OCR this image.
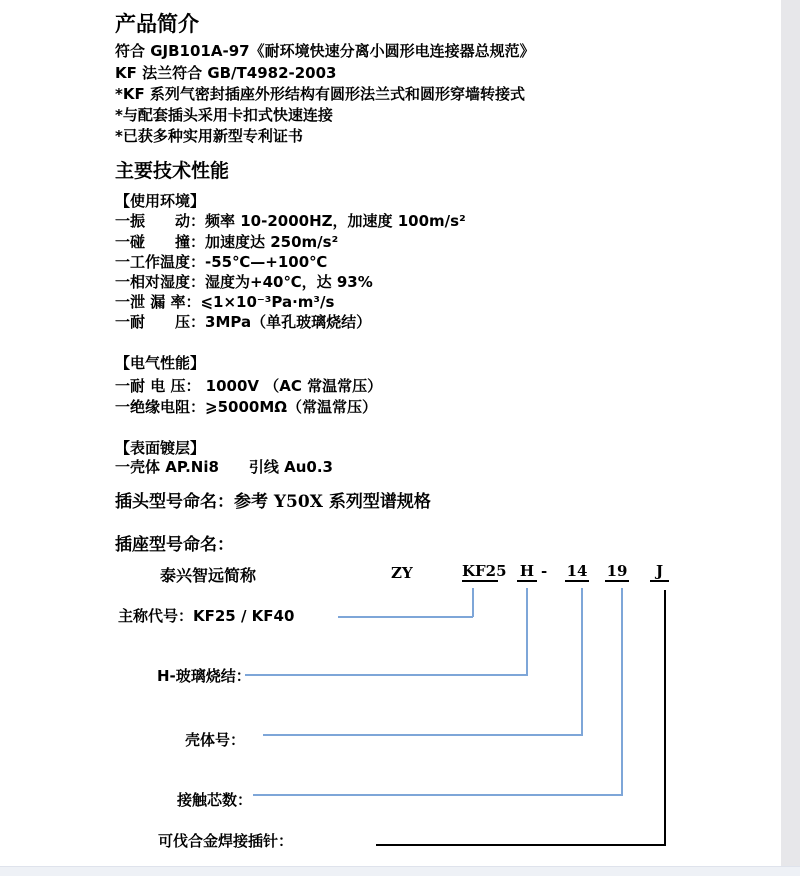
产品简介
符合 GJB101A-97《耐环境快速分离小圆形电连接器总规范》
KF 法兰符合 GB/T4982-2003
*KF 系列气密封插座外形结构有圆形法兰式和圆形穿墙转接式
*与配套插头采用卡扣式快速连接
*已获多种实用新型专利证书
主要技术性能
【使用环境】
一振　　动：频率 10-2000HZ，加速度 100m/s²
一碰　　撞：加速度达 250m/s²
一工作温度：-55℃—+100℃
一相对湿度：湿度为+40℃，达 93%
一泄 漏 率：⩽1×10⁻³Pa·m³/s
一耐　　压：3MPa（单孔玻璃烧结）
【电气性能】
一耐 电 压： 1000V （AC 常温常压）
一绝缘电阻：⩾5000MΩ（常温常压）
【表面镀层】
一壳体 AP.Ni8　　引线 Au0.3
插头型号命名：参考 Y50X 系列型谱规格
插座型号命名：
泰兴智远简称	ZY	KF25 H - 14 19	J
主称代号：KF25 / KF40
H-玻璃烧结：
壳体号：
接触芯数：
可伐合金焊接插针：
